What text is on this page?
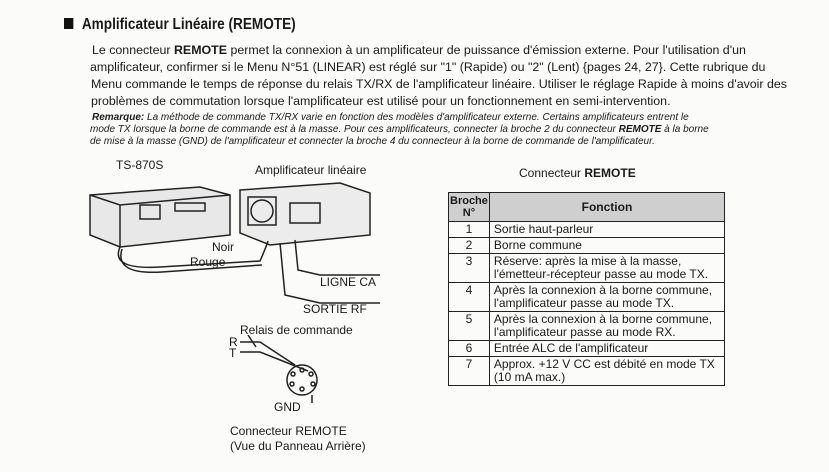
Amplificateur Linéaire (REMOTE)
Le connecteur REMOTE permet la connexion à un amplificateur de puissance d'émission externe. Pour l'utilisation d'un
amplificateur, confirmer si le Menu N°51 (LINEAR) est réglé sur "1" (Rapide) ou "2" (Lent) {pages 24, 27}. Cette rubrique du
Menu commande le temps de réponse du relais TX/RX de l'amplificateur linéaire. Utiliser le réglage Rapide à moins d'avoir des
problèmes de commutation lorsque l'amplificateur est utilisé pour un fonctionnement en semi-intervention.
Remarque: La méthode de commande TX/RX varie en fonction des modèles d'amplificateur externe. Certains amplificateurs entrent le
mode TX lorsque la borne de commande est à la masse. Pour ces amplificateurs, connecter la broche 2 du connecteur REMOTE à la borne
de mise à la masse (GND) de l'amplificateur et connecter la broche 4 du connecteur à la borne de commande de l'amplificateur.
TS-870S	Amplificateur linéaire
Noir
Rouge
LIGNE CA
SORTIE RF
Relais de commande
R
T
GND
Connecteur REMOTE
(Vue du Panneau Arrière)
Connecteur REMOTE
Broche
N°	Fonction
1	Sortie haut-parleur
2	Borne commune
3	Réserve: après la mise à la masse, l'émetteur-récepteur passe au mode TX.
4	Après la connexion à la borne commune, l'amplificateur passe au mode TX.
5	Après la connexion à la borne commune, l'amplificateur passe au mode RX.
6	Entrée ALC de l'amplificateur
7	Approx. +12 V CC est débité en mode TX (10 mA max.)
